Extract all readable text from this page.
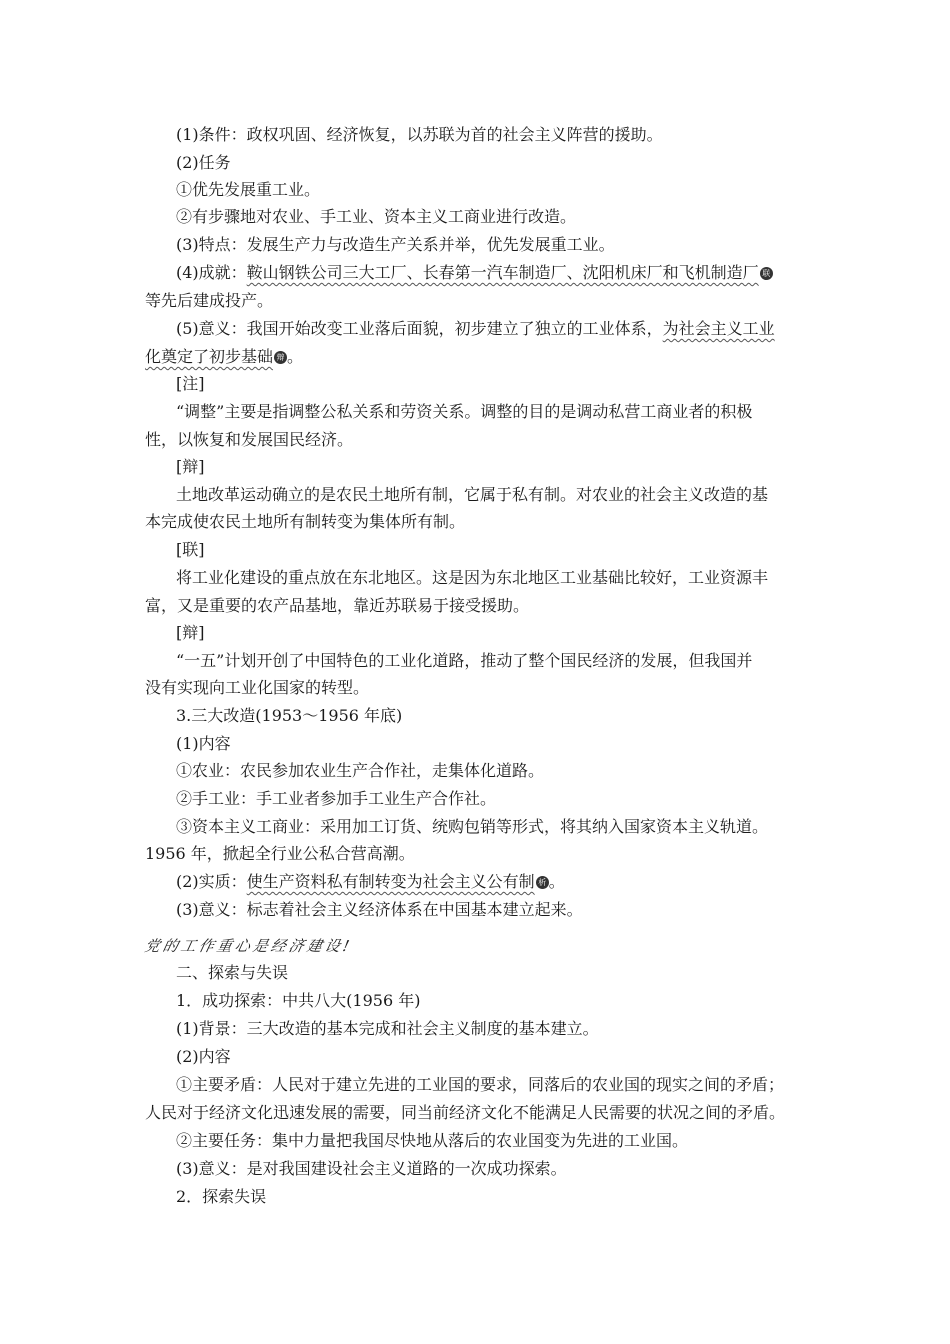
(1)条件：政权巩固、经济恢复，以苏联为首的社会主义阵营的援助。
(2)任务
①优先发展重工业。
②有步骤地对农业、手工业、资本主义工商业进行改造。
(3)特点：发展生产力与改造生产关系并举，优先发展重工业。
(4)成就：鞍山钢铁公司三大工厂、长春第一汽车制造厂、沈阳机床厂和飞机制造厂 联
等先后建成投产。
(5)意义：我国开始改变工业落后面貌，初步建立了独立的工业体系，为社会主义工业
化奠定了初步基础 辩 。
[注]
“调整”主要是指调整公私关系和劳资关系。调整的目的是调动私营工商业者的积极
性，以恢复和发展国民经济。
[辩]
土地改革运动确立的是农民土地所有制，它属于私有制。对农业的社会主义改造的基
本完成使农民土地所有制转变为集体所有制。
[联]
将工业化建设的重点放在东北地区。这是因为东北地区工业基础比较好，工业资源丰
富，又是重要的农产品基地，靠近苏联易于接受援助。
[辩]
“一五”计划开创了中国特色的工业化道路，推动了整个国民经济的发展，但我国并
没有实现向工业化国家的转型。
3.三大改造(1953～1956 年底)
(1)内容
①农业：农民参加农业生产合作社，走集体化道路。
②手工业：手工业者参加手工业生产合作社。
③资本主义工商业：采用加工订货、统购包销等形式，将其纳入国家资本主义轨道。
1956 年，掀起全行业公私合营高潮。
(2)实质：使生产资料私有制转变为社会主义公有制 析 。
(3)意义：标志着社会主义经济体系在中国基本建立起来。
党的工作重心是经济建设!
二、探索与失误
1．成功探索：中共八大(1956 年)
(1)背景：三大改造的基本完成和社会主义制度的基本建立。
(2)内容
①主要矛盾：人民对于建立先进的工业国的要求，同落后的农业国的现实之间的矛盾；
人民对于经济文化迅速发展的需要，同当前经济文化不能满足人民需要的状况之间的矛盾。
②主要任务：集中力量把我国尽快地从落后的农业国变为先进的工业国。
(3)意义：是对我国建设社会主义道路的一次成功探索。
2．探索失误
